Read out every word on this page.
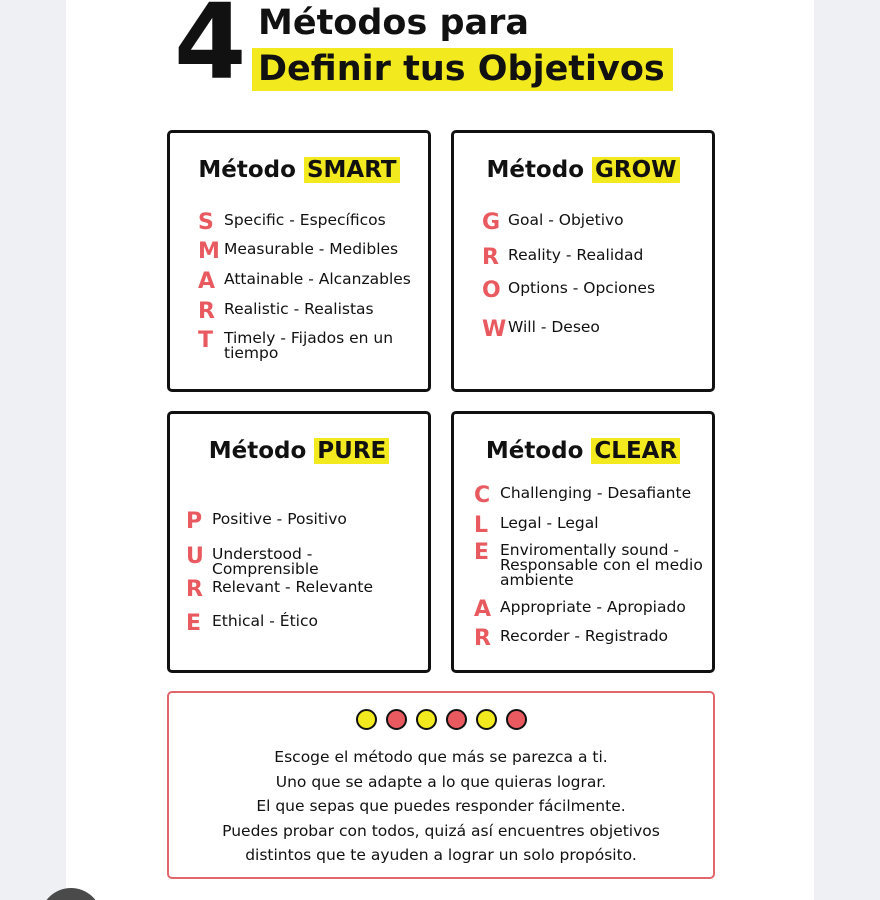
4 Métodos para
Definir tus Objetivos
Método SMART
S Specific - Específicos
M Measurable - Medibles
A Attainable - Alcanzables
R Realistic - Realistas
T Timely - Fijados en un
tiempo
Método GROW
G Goal - Objetivo
R Reality - Realidad
O Options - Opciones
W Will - Deseo
Método PURE
P Positive - Positivo
U Understood - Comprensible
R Relevant - Relevante
E Ethical - Ético
Método CLEAR
C Challenging - Desafiante
L Legal - Legal
E Enviromentally sound -
Responsable con el medio
ambiente
A Appropriate - Apropiado
R Recorder - Registrado
Escoge el método que más se parezca a ti.
Uno que se adapte a lo que quieras lograr.
El que sepas que puedes responder fácilmente.
Puedes probar con todos, quizá así encuentres objetivos
distintos que te ayuden a lograr un solo propósito.
